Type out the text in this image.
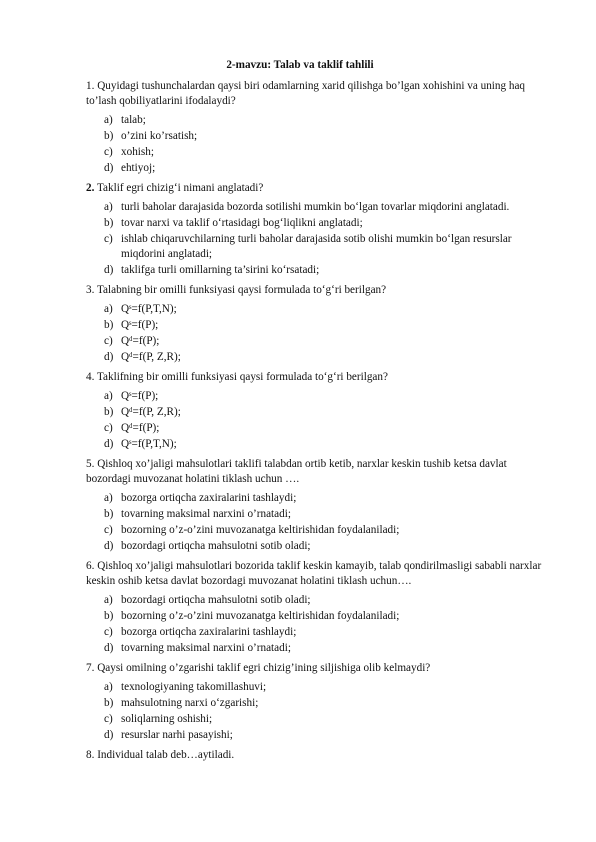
2-mavzu: Talab va taklif tahlili
1. Quyidagi tushunchalardan qaysi biri odamlarning xarid qilishga bo’lgan xohishini va uning haq to’lash qobiliyatlarini ifodalaydi?
a) talab;
b) o’zini ko’rsatish;
c) xohish;
d) ehtiyoj;
2. Taklif egri chizig‘i nimani anglatadi?
a) turli baholar darajasida bozorda sotilishi mumkin bo‘lgan tovarlar miqdorini anglatadi.
b) tovar narxi va taklif o‘rtasidagi bog‘liqlikni anglatadi;
c) ishlab chiqaruvchilarning turli baholar darajasida sotib olishi mumkin bo‘lgan resurslar miqdorini anglatadi;
d) taklifga turli omillarning ta’sirini ko‘rsatadi;
3. Talabning bir omilli funksiyasi qaysi formulada to‘g‘ri berilgan?
a) Qˢ=f(P,T,N);
b) Qˢ=f(P);
c) Qᵈ=f(P);
d) Qᵈ=f(P, Z,R);
4. Taklifning bir omilli funksiyasi qaysi formulada to‘g‘ri berilgan?
a) Qˢ=f(P);
b) Qᵈ=f(P, Z,R);
c) Qᵈ=f(P);
d) Qˢ=f(P,T,N);
5. Qishloq xo’jaligi mahsulotlari taklifi talabdan ortib ketib, narxlar keskin tushib ketsa davlat bozordagi muvozanat holatini tiklash uchun ….
a) bozorga ortiqcha zaxiralarini tashlaydi;
b) tovarning maksimal narxini o’rnatadi;
c) bozorning o’z-o’zini muvozanatga keltirishidan foydalaniladi;
d) bozordagi ortiqcha mahsulotni sotib oladi;
6. Qishloq xo’jaligi mahsulotlari bozorida taklif keskin kamayib, talab qondirilmasligi sababli narxlar keskin oshib ketsa davlat bozordagi muvozanat holatini tiklash uchun….
a) bozordagi ortiqcha mahsulotni sotib oladi;
b) bozorning o’z-o’zini muvozanatga keltirishidan foydalaniladi;
c) bozorga ortiqcha zaxiralarini tashlaydi;
d) tovarning maksimal narxini o’rnatadi;
7. Qaysi omilning o’zgarishi taklif egri chizig’ining siljishiga olib kelmaydi?
a) texnologiyaning takomillashuvi;
b) mahsulotning narxi o‘zgarishi;
c) soliqlarning oshishi;
d) resurslar narhi pasayishi;
8. Individual talab deb…aytiladi.
